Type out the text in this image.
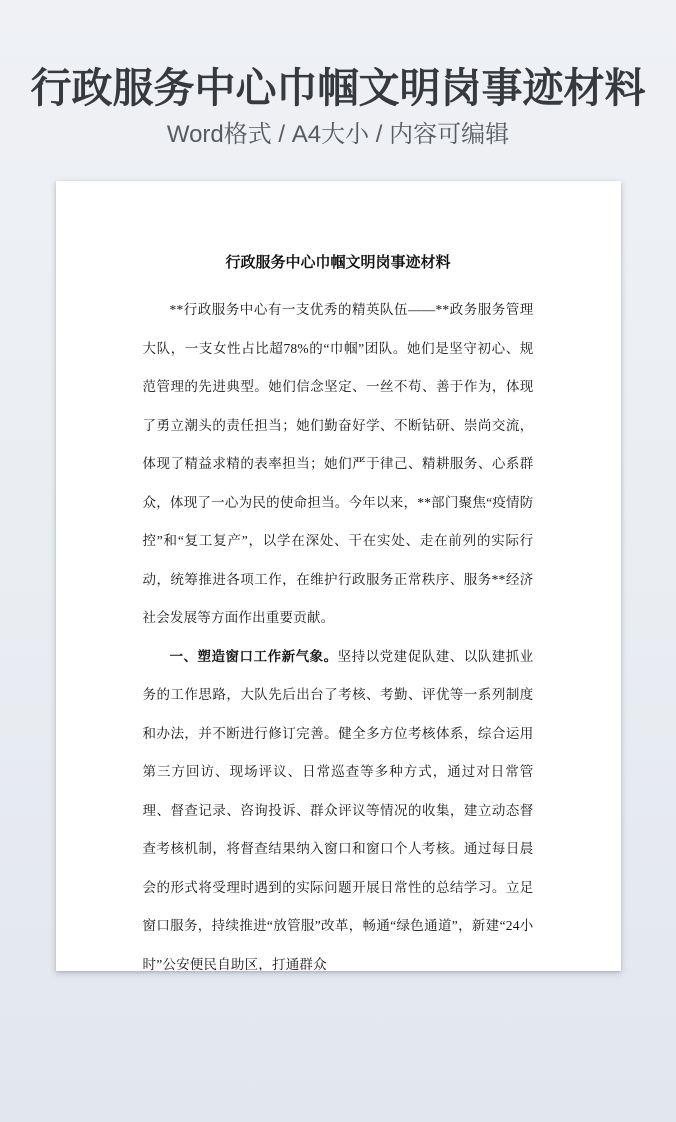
行政服务中心巾帼文明岗事迹材料

Word格式 / A4大小 / 内容可编辑

行政服务中心巾帼文明岗事迹材料

**行政服务中心有一支优秀的精英队伍——**政务服务管理大队，一支女性占比超78%的“巾帼”团队。她们是坚守初心、规范管理的先进典型。她们信念坚定、一丝不苟、善于作为，体现了勇立潮头的责任担当；她们勤奋好学、不断钻研、崇尚交流，体现了精益求精的表率担当；她们严于律己、精耕服务、心系群众，体现了一心为民的使命担当。今年以来，**部门聚焦“疫情防控”和“复工复产”，以学在深处、干在实处、走在前列的实际行动，统筹推进各项工作，在维护行政服务正常秩序、服务**经济社会发展等方面作出重要贡献。

一、塑造窗口工作新气象。坚持以党建促队建、以队建抓业务的工作思路，大队先后出台了考核、考勤、评优等一系列制度和办法，并不断进行修订完善。健全多方位考核体系，综合运用第三方回访、现场评议、日常巡查等多种方式，通过对日常管理、督查记录、咨询投诉、群众评议等情况的收集，建立动态督查考核机制，将督查结果纳入窗口和窗口个人考核。通过每日晨会的形式将受理时遇到的实际问题开展日常性的总结学习。立足窗口服务，持续推进“放管服”改革，畅通“绿色通道”，新建“24小时”公安便民自助区，打通群众
